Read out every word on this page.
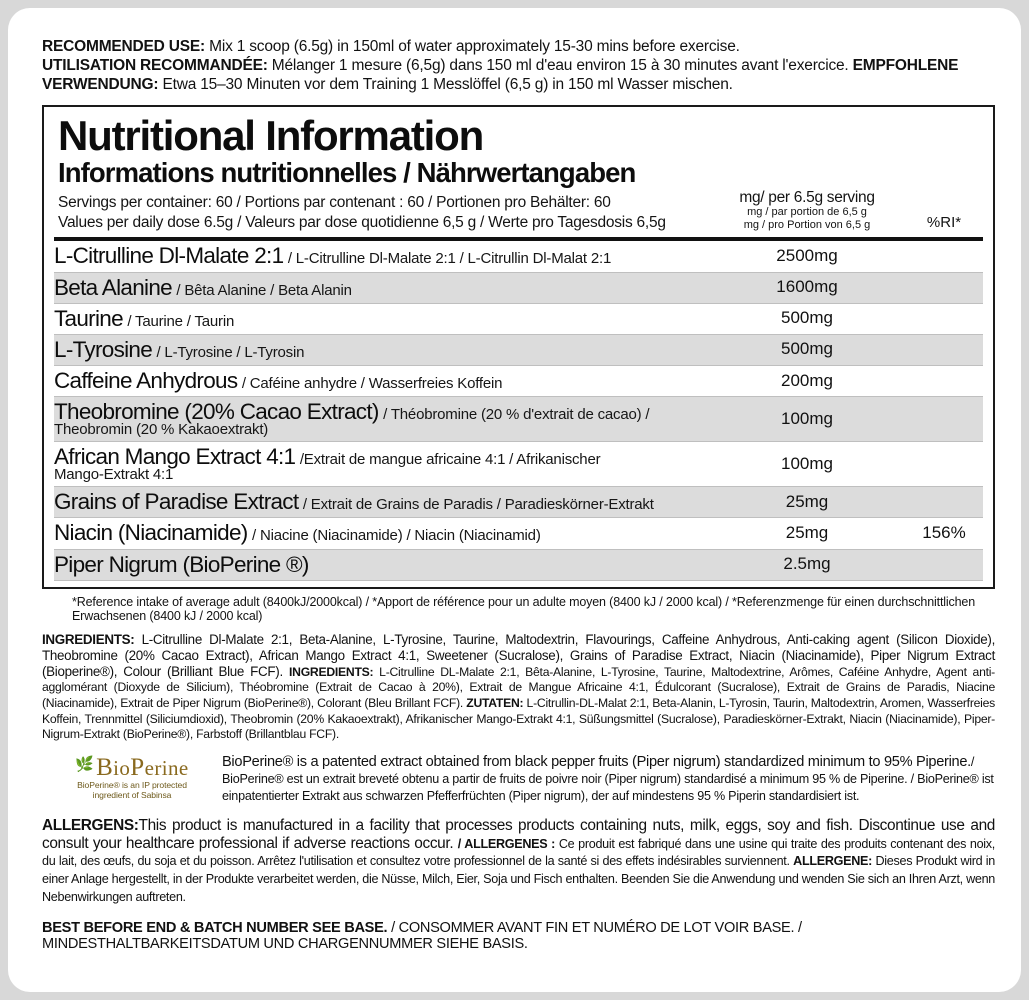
RECOMMENDED USE: Mix 1 scoop (6.5g) in 150ml of water approximately 15-30 mins before exercise.

UTILISATION RECOMMANDÉE: Mélanger 1 mesure (6,5g) dans 150 ml d'eau environ 15 à 30 minutes avant l'exercice. EMPFOHLENE

VERWENDUNG: Etwa 15–30 Minuten vor dem Training 1 Messlöffel (6,5 g) in 150 ml Wasser mischen.

Nutritional Information
Informations nutritionnelles / Nährwertangaben
Servings per container: 60 / Portions par contenant : 60 / Portionen pro Behälter: 60
Values per daily dose 6.5g / Valeurs par dose quotidienne 6,5 g / Werte pro Tagesdosis 6,5g
mg/ per 6.5g serving
mg / par portion de 6,5 g
mg / pro Portion von 6,5 g	%RI*
L-Citrulline Dl-Malate 2:1 / L-Citrulline Dl-Malate 2:1 / L-Citrullin Dl-Malat 2:1	2500mg	

Beta Alanine / Bêta Alanine / Beta Alanin	1600mg	

Taurine / Taurine / Taurin	500mg	

L-Tyrosine / L-Tyrosine / L-Tyrosin	500mg	

Caffeine Anhydrous / Caféine anhydre / Wasserfreies Koffein	200mg	

Theobromine (20% Cacao Extract) / Théobromine (20 % d'extrait de cacao) /
Theobromin (20 % Kakaoextrakt)	100mg	

African Mango Extract 4:1 /Extrait de mangue africaine 4:1 / Afrikanischer
Mango-Extrakt 4:1	100mg	

Grains of Paradise Extract / Extrait de Grains de Paradis / Paradieskörner-Extrakt	25mg	

Niacin (Niacinamide) / Niacine (Niacinamide) / Niacin (Niacinamid)	25mg	156%

Piper Nigrum (BioPerine ®)	2.5mg	
*Reference intake of average adult (8400kJ/2000kcal) / *Apport de référence pour un adulte moyen (8400 kJ / 2000 kcal) / *Referenzmenge für einen durchschnittlichen Erwachsenen (8400 kJ / 2000 kcal)
INGREDIENTS: L-Citrulline Dl-Malate 2:1, Beta-Alanine, L-Tyrosine, Taurine, Maltodextrin, Flavourings, Caffeine Anhydrous, Anti-caking agent (Silicon Dioxide), Theobromine (20% Cacao Extract), African Mango Extract 4:1, Sweetener (Sucralose), Grains of Paradise Extract, Niacin (Niacinamide), Piper Nigrum Extract (Bioperine®), Colour (Brilliant Blue FCF). INGREDIENTS: L-Citrulline DL-Malate 2:1, Bêta-Alanine, L-Tyrosine, Taurine, Maltodextrine, Arômes, Caféine Anhydre, Agent anti-agglomérant (Dioxyde de Silicium), Théobromine (Extrait de Cacao à 20%), Extrait de Mangue Africaine 4:1, Édulcorant (Sucralose), Extrait de Grains de Paradis, Niacine (Niacinamide), Extrait de Piper Nigrum (BioPerine®), Colorant (Bleu Brillant FCF). ZUTATEN: L-Citrullin-DL-Malat 2:1, Beta-Alanin, L-Tyrosin, Taurin, Maltodextrin, Aromen, Wasserfreies Koffein, Trennmittel (Siliciumdioxid), Theobromin (20% Kakaoextrakt), Afrikanischer Mango-Extrakt 4:1, Süßungsmittel (Sucralose), Paradieskörner-Extrakt, Niacin (Niacinamide), Piper-Nigrum-Extrakt (BioPerine®), Farbstoff (Brillantblau FCF).
🌿BioPerine
BioPerine® is an IP protected
ingredient of Sabinsa
BioPerine® is a patented extract obtained from black pepper fruits (Piper nigrum) standardized minimum to 95% Piperine./ BioPerine® est un extrait breveté obtenu a partir de fruits de poivre noir (Piper nigrum) standardisé a minimum 95 % de Piperine. / BioPerine® ist einpatentierter Extrakt aus schwarzen Pfefferfrüchten (Piper nigrum), der auf mindestens 95 % Piperin standardisiert ist.
ALLERGENS:This product is manufactured in a facility that processes products containing nuts, milk, eggs, soy and fish. Discontinue use and consult your healthcare professional if adverse reactions occur. / ALLERGENES : Ce produit est fabriqué dans une usine qui traite des produits contenant des noix, du lait, des œufs, du soja et du poisson. Arrêtez l'utilisation et consultez votre professionnel de la santé si des effets indésirables surviennent. ALLERGENE: Dieses Produkt wird in einer Anlage hergestellt, in der Produkte verarbeitet werden, die Nüsse, Milch, Eier, Soja und Fisch enthalten. Beenden Sie die Anwendung und wenden Sie sich an Ihren Arzt, wenn Nebenwirkungen auftreten.
BEST BEFORE END & BATCH NUMBER SEE BASE. / CONSOMMER AVANT FIN ET NUMÉRO DE LOT VOIR BASE. / MINDESTHALTBARKEITSDATUM UND CHARGENNUMMER SIEHE BASIS.
